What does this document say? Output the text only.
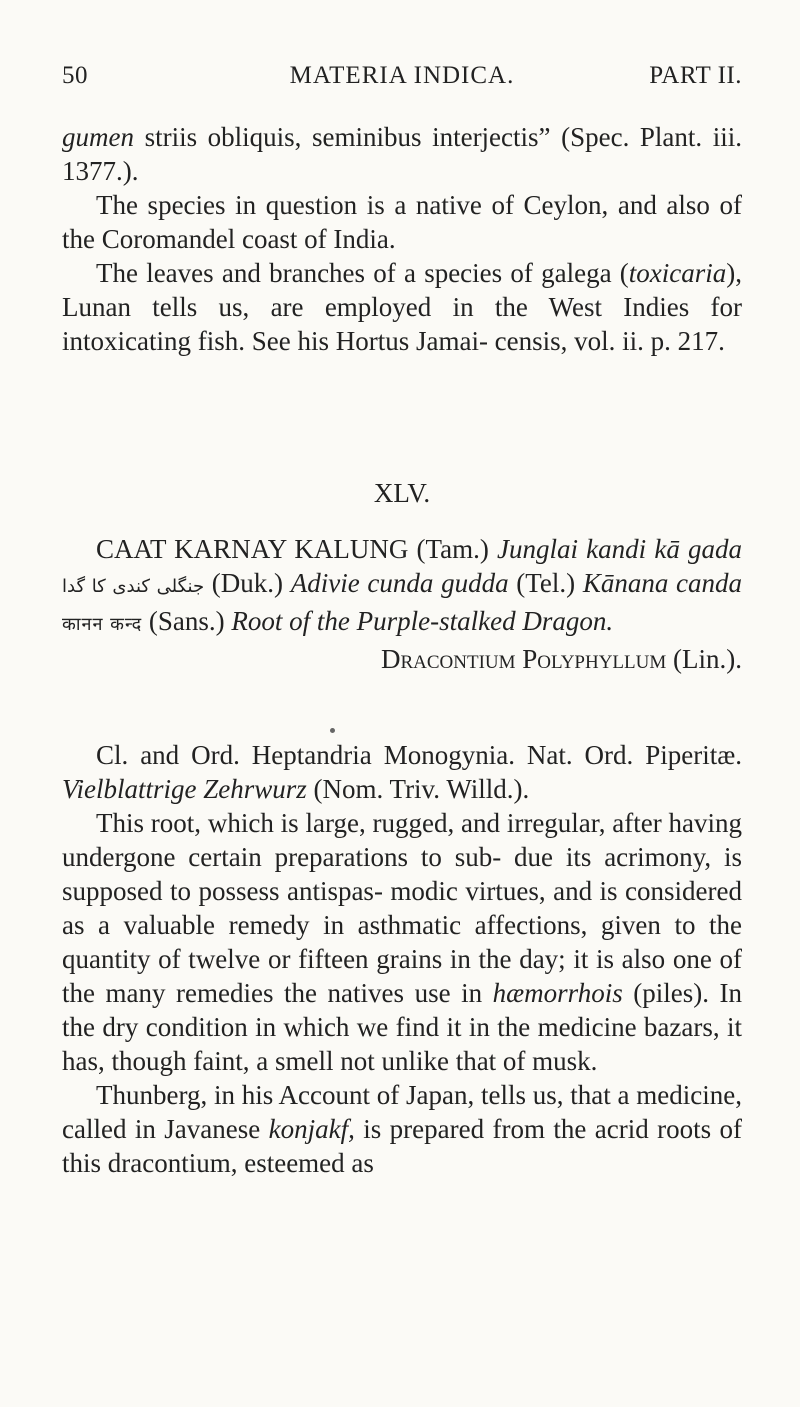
50	MATERIA INDICA.	PART II.

gumen striis obliquis, seminibus interjectis” (Spec. Plant. iii. 1377.).

The species in question is a native of Ceylon, and also of the Coromandel coast of India.

The leaves and branches of a species of galega (toxicaria), Lunan tells us, are employed in the West Indies for intoxicating fish. See his Hortus Jamai- censis, vol. ii. p. 217.

XLV.

CAAT KARNAY KALUNG (Tam.) Junglai kandi kā gada جنگلی کندی کا گدا (Duk.) Adivie cunda gudda (Tel.) Kānana canda कानन कन्द (Sans.) Root of the Purple-stalked Dragon.

Dracontium Polyphyllum (Lin.).

Cl. and Ord. Heptandria Monogynia. Nat. Ord. Piperitæ. Vielblattrige Zehrwurz (Nom. Triv. Willd.).

This root, which is large, rugged, and irregular, after having undergone certain preparations to sub- due its acrimony, is supposed to possess antispas- modic virtues, and is considered as a valuable remedy in asthmatic affections, given to the quantity of twelve or fifteen grains in the day; it is also one of the many remedies the natives use in hæmorrhois (piles). In the dry condition in which we find it in the medicine bazars, it has, though faint, a smell not unlike that of musk.

Thunberg, in his Account of Japan, tells us, that a medicine, called in Javanese konjakf, is prepared from the acrid roots of this dracontium, esteemed as
